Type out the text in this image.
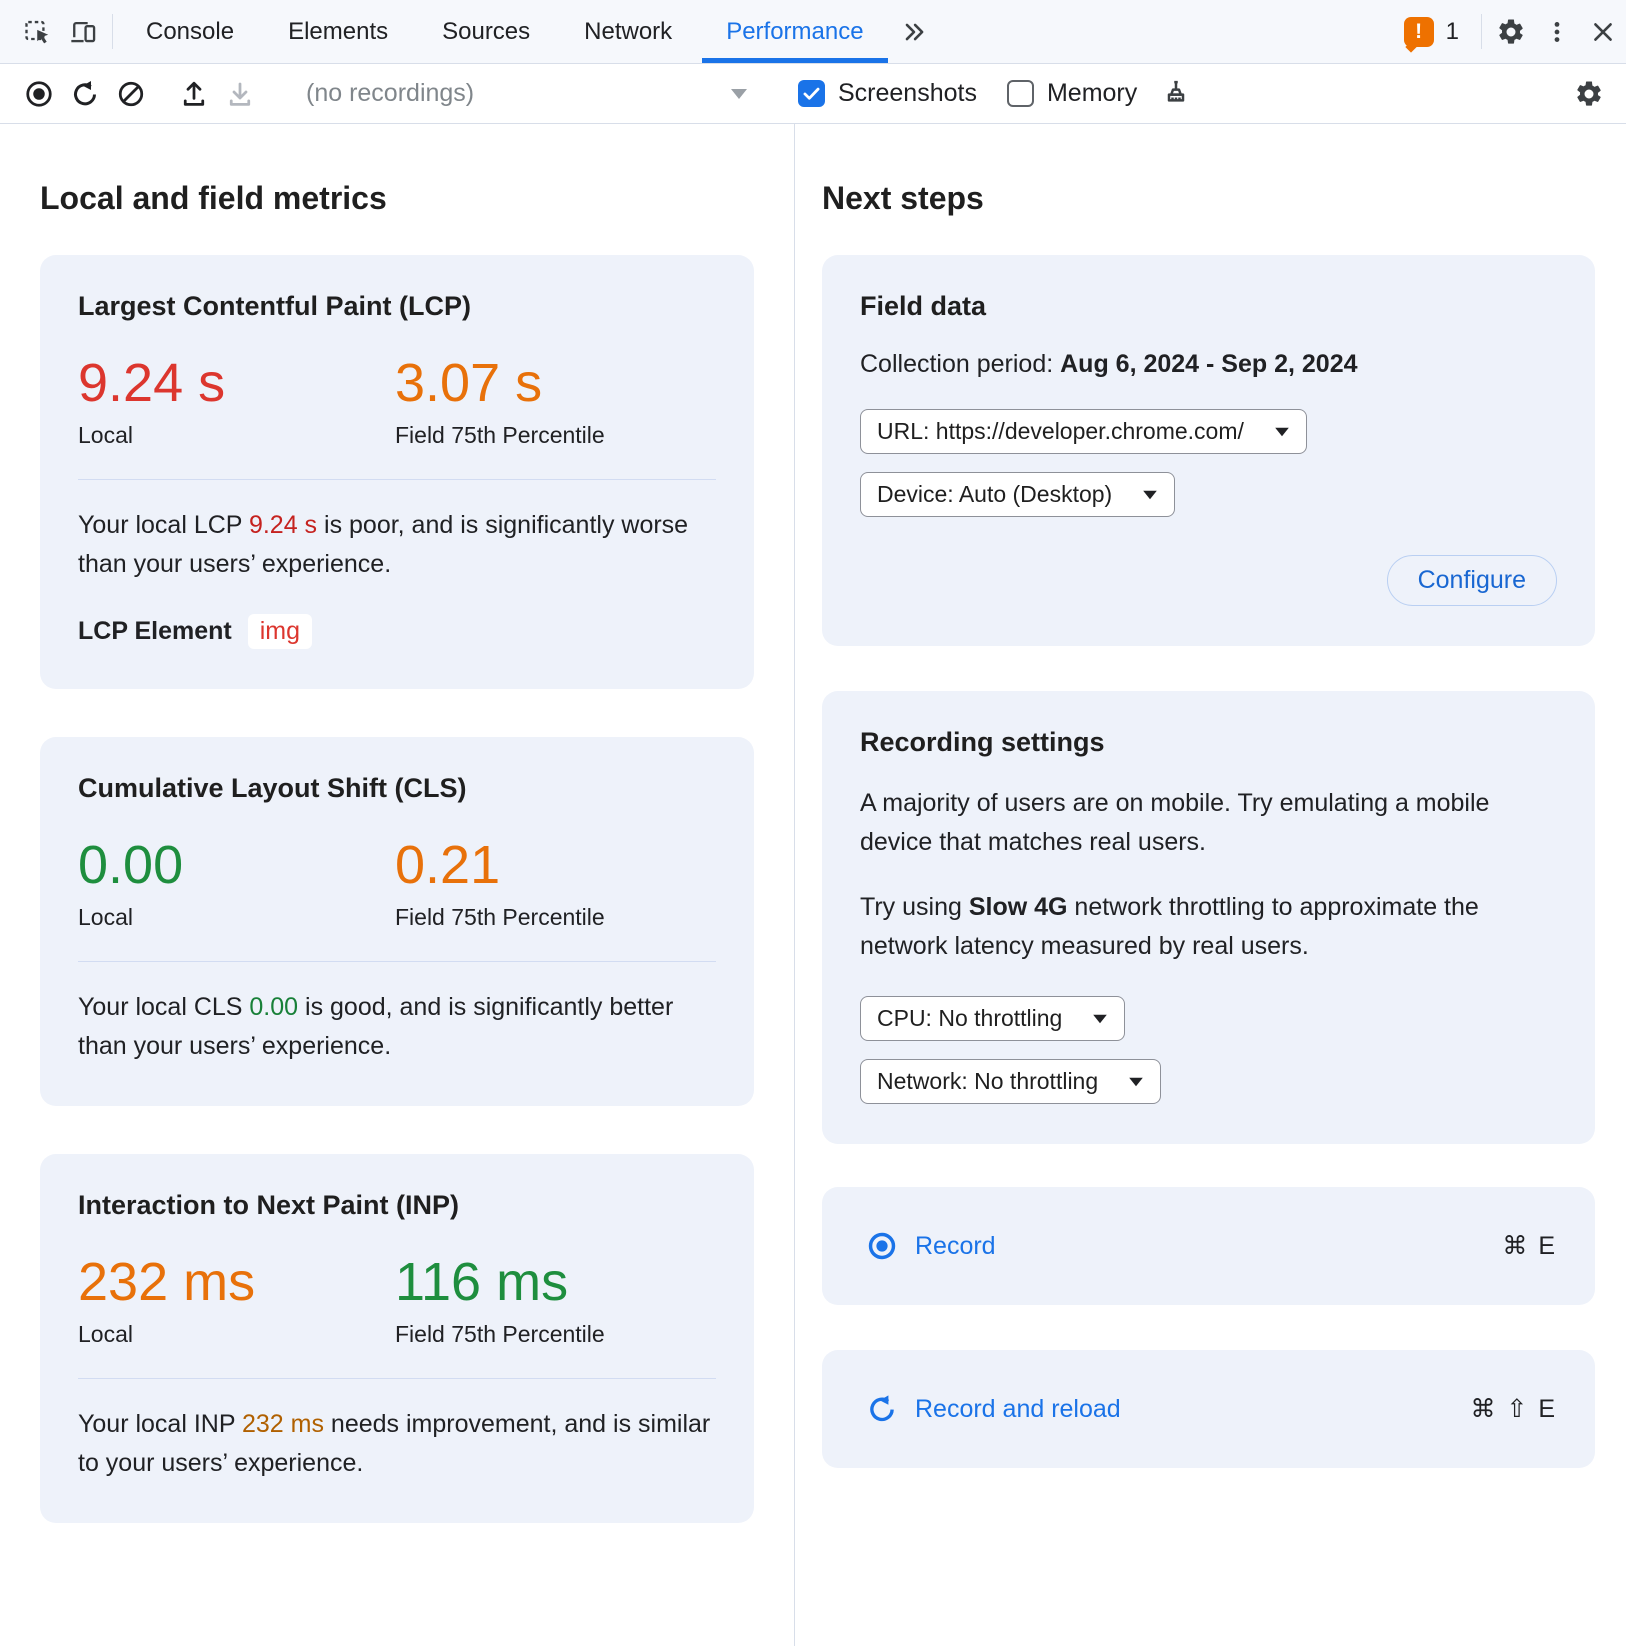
Console	Elements	Sources	Network	Performance	! 1
(no recordings)	Screenshots	Memory
Local and field metrics
Largest Contentful Paint (LCP)
9.24 s
Local
3.07 s
Field 75th Percentile

Your local LCP 9.24 s is poor, and is significantly worse than your users’ experience.

LCP Element	img
Cumulative Layout Shift (CLS)
0.00
Local
0.21
Field 75th Percentile

Your local CLS 0.00 is good, and is significantly better than your users’ experience.

Interaction to Next Paint (INP)
232 ms
Local
116 ms
Field 75th Percentile

Your local INP 232 ms needs improvement, and is similar to your users’ experience.

Next steps
Field data
Collection period: Aug 6, 2024 - Sep 2, 2024
URL: https://developer.chrome.com/
Device: Auto (Desktop)
Configure
Recording settings

A majority of users are on mobile. Try emulating a mobile device that matches real users.

Try using Slow 4G network throttling to approximate the network latency measured by real users.

CPU: No throttling
Network: No throttling
Record	⌘ E
Record and reload	⌘ ⇧ E
